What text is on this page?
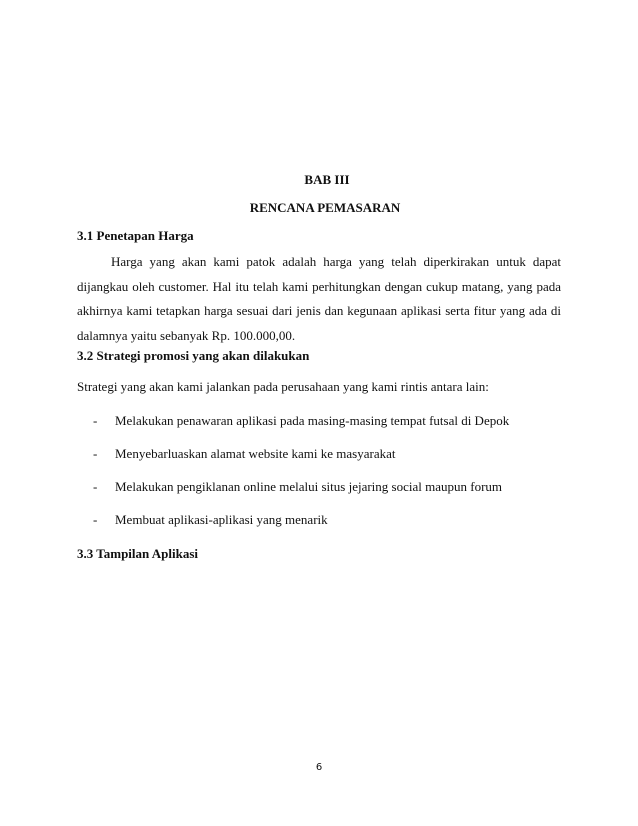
BAB III
RENCANA PEMASARAN
3.1 Penetapan Harga
Harga yang akan kami patok adalah harga yang telah diperkirakan untuk dapat dijangkau oleh customer. Hal itu telah kami perhitungkan dengan cukup matang, yang pada akhirnya kami tetapkan harga sesuai dari jenis dan kegunaan aplikasi serta fitur yang ada di dalamnya yaitu sebanyak Rp. 100.000,00.
3.2 Strategi promosi yang akan dilakukan
Strategi yang akan kami jalankan pada perusahaan yang kami rintis antara lain:
- Melakukan penawaran aplikasi pada masing-masing tempat futsal di Depok
- Menyebarluaskan alamat website kami ke masyarakat
- Melakukan pengiklanan online melalui situs jejaring social maupun forum
- Membuat aplikasi-aplikasi yang menarik
3.3 Tampilan Aplikasi
6
